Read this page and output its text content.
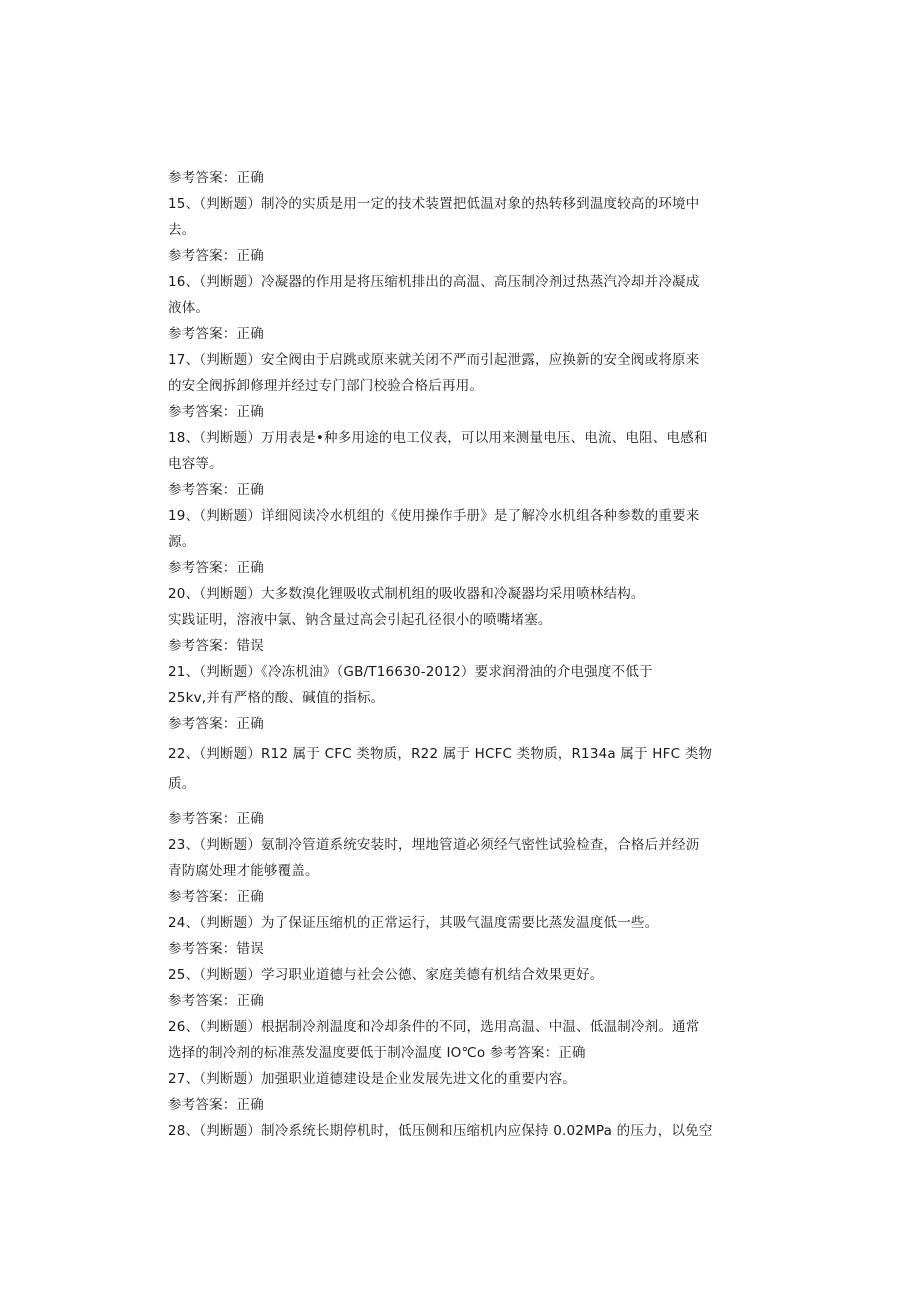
参考答案：正确
15、（判断题）制冷的实质是用一定的技术装置把低温对象的热转移到温度较高的环境中
去。
参考答案：正确
16、（判断题）冷凝器的作用是将压缩机排出的高温、高压制冷剂过热蒸汽冷却并冷凝成
液体。
参考答案：正确
17、（判断题）安全阀由于启跳或原来就关闭不严而引起泄露，应换新的安全阀或将原来
的安全阀拆卸修理并经过专门部门校验合格后再用。
参考答案：正确
18、（判断题）万用表是•种多用途的电工仪表，可以用来测量电压、电流、电阻、电感和
电容等。
参考答案：正确
19、（判断题）详细阅读冷水机组的《使用操作手册》是了解冷水机组各种参数的重要来
源。
参考答案：正确
20、（判断题）大多数溴化锂吸收式制机组的吸收器和冷凝器均采用喷林结构。
实践证明，溶液中氯、钠含量过高会引起孔径很小的喷嘴堵塞。
参考答案：错误
21、（判断题）《冷冻机油》（GB/T16630-2012）要求润滑油的介电强度不低于
25kv,并有严格的酸、碱值的指标。
参考答案：正确
22、（判断题）R12 属于 CFC 类物质，R22 属于 HCFC 类物质，R134a 属于 HFC 类物
质。
参考答案：正确
23、（判断题）氨制冷管道系统安装时，埋地管道必须经气密性试验检查，合格后并经沥
青防腐处理才能够覆盖。
参考答案：正确
24、（判断题）为了保证压缩机的正常运行，其吸气温度需要比蒸发温度低一些。
参考答案：错误
25、（判断题）学习职业道德与社会公德、家庭美德有机结合效果更好。
参考答案：正确
26、（判断题）根据制冷剂温度和冷却条件的不同，选用高温、中温、低温制冷剂。通常
选择的制冷剂的标准蒸发温度要低于制冷温度 IO℃o 参考答案：正确
27、（判断题）加强职业道德建设是企业发展先进文化的重要内容。
参考答案：正确
28、（判断题）制冷系统长期停机时，低压侧和压缩机内应保持 0.02MPa 的压力，以免空
